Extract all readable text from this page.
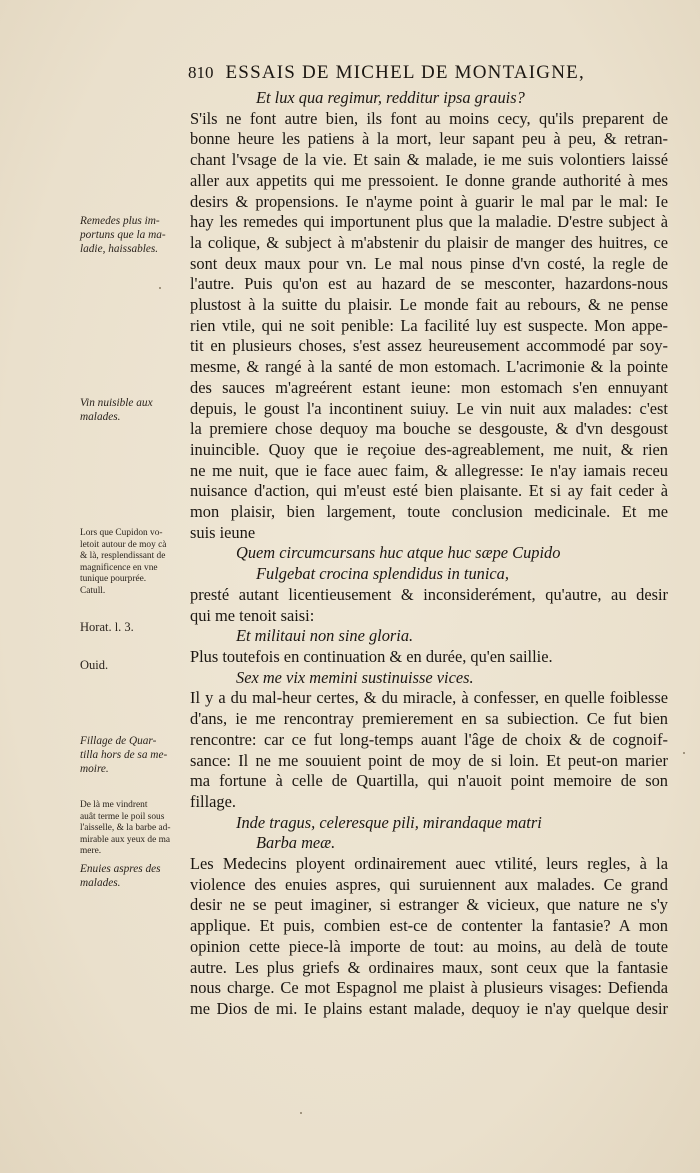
810 ESSAIS DE MICHEL DE MONTAIGNE,
Et lux qua regimur, redditur ipsa grauis?
S'ils ne font autre bien, ils font au moins cecy, qu'ils preparent de
bonne heure les patiens à la mort, leur sapant peu à peu, & retran-
chant l'vsage de la vie. Et sain & malade, ie me suis volontiers laissé
aller aux appetits qui me pressoient. Ie donne grande authorité à mes
desirs & propensions. Ie n'ayme point à guarir le mal par le mal: Ie
hay les remedes qui importunent plus que la maladie. D'estre subject à
la colique, & subject à m'abstenir du plaisir de manger des huitres, ce
sont deux maux pour vn. Le mal nous pinse d'vn costé, la regle de
l'autre. Puis qu'on est au hazard de se mesconter, hazardons-nous
plustost à la suitte du plaisir. Le monde fait au rebours, & ne pense
rien vtile, qui ne soit penible: La facilité luy est suspecte. Mon appe-
tit en plusieurs choses, s'est assez heureusement accommodé par soy-
mesme, & rangé à la santé de mon estomach. L'acrimonie & la pointe
des sauces m'agreérent estant ieune: mon estomach s'en ennuyant
depuis, le goust l'a incontinent suiuy. Le vin nuit aux malades: c'est
la premiere chose dequoy ma bouche se desgouste, & d'vn desgoust
inuincible. Quoy que ie reçoiue des-agreablement, me nuit, & rien
ne me nuit, que ie face auec faim, & allegresse: Ie n'ay iamais receu
nuisance d'action, qui m'eust esté bien plaisante. Et si ay fait ceder à
mon plaisir, bien largement, toute conclusion medicinale. Et me
suis ieune
Quem circumcursans huc atque huc sæpe Cupido
Fulgebat crocina splendidus in tunica,
presté autant licentieusement & inconsiderément, qu'autre, au desir
qui me tenoit saisi:
Et militaui non sine gloria.
Plus toutefois en continuation & en durée, qu'en saillie.
Sex me vix memini sustinuisse vices.
Il y a du mal-heur certes, & du miracle, à confesser, en quelle foiblesse
d'ans, ie me rencontray premierement en sa subiection. Ce fut bien
rencontre: car ce fut long-temps auant l'âge de choix & de cognoif-
sance: Il ne me souuient point de moy de si loin. Et peut-on marier
ma fortune à celle de Quartilla, qui n'auoit point memoire de son
fillage.
Inde tragus, celeresque pili, mirandaque matri
Barba meæ.
Les Medecins ployent ordinairement auec vtilité, leurs regles, à la
violence des enuies aspres, qui suruiennent aux malades. Ce grand
desir ne se peut imaginer, si estranger & vicieux, que nature ne s'y
applique. Et puis, combien est-ce de contenter la fantasie? A mon
opinion cette piece-là importe de tout: au moins, au delà de toute
autre. Les plus griefs & ordinaires maux, sont ceux que la fantasie
nous charge. Ce mot Espagnol me plaist à plusieurs visages: Defienda
me Dios de mi. Ie plains estant malade, dequoy ie n'ay quelque desir
Remedes plus im-
portuns que la ma-
ladie, haissables.
Vin nuisible aux
malades.
Lors que Cupidon vo-
letoit autour de moy cà
& là, resplendissant de
magnificence en vne
tunique pourprée.
Catull.
Horat. l. 3.
Ouid.
Fillage de Quar-
tilla hors de sa me-
moire.
De là me vindrent
auât terme le poil sous
l'aisselle, & la barbe ad-
mirable aux yeux de ma
mere.
Enuies aspres des
malades.
